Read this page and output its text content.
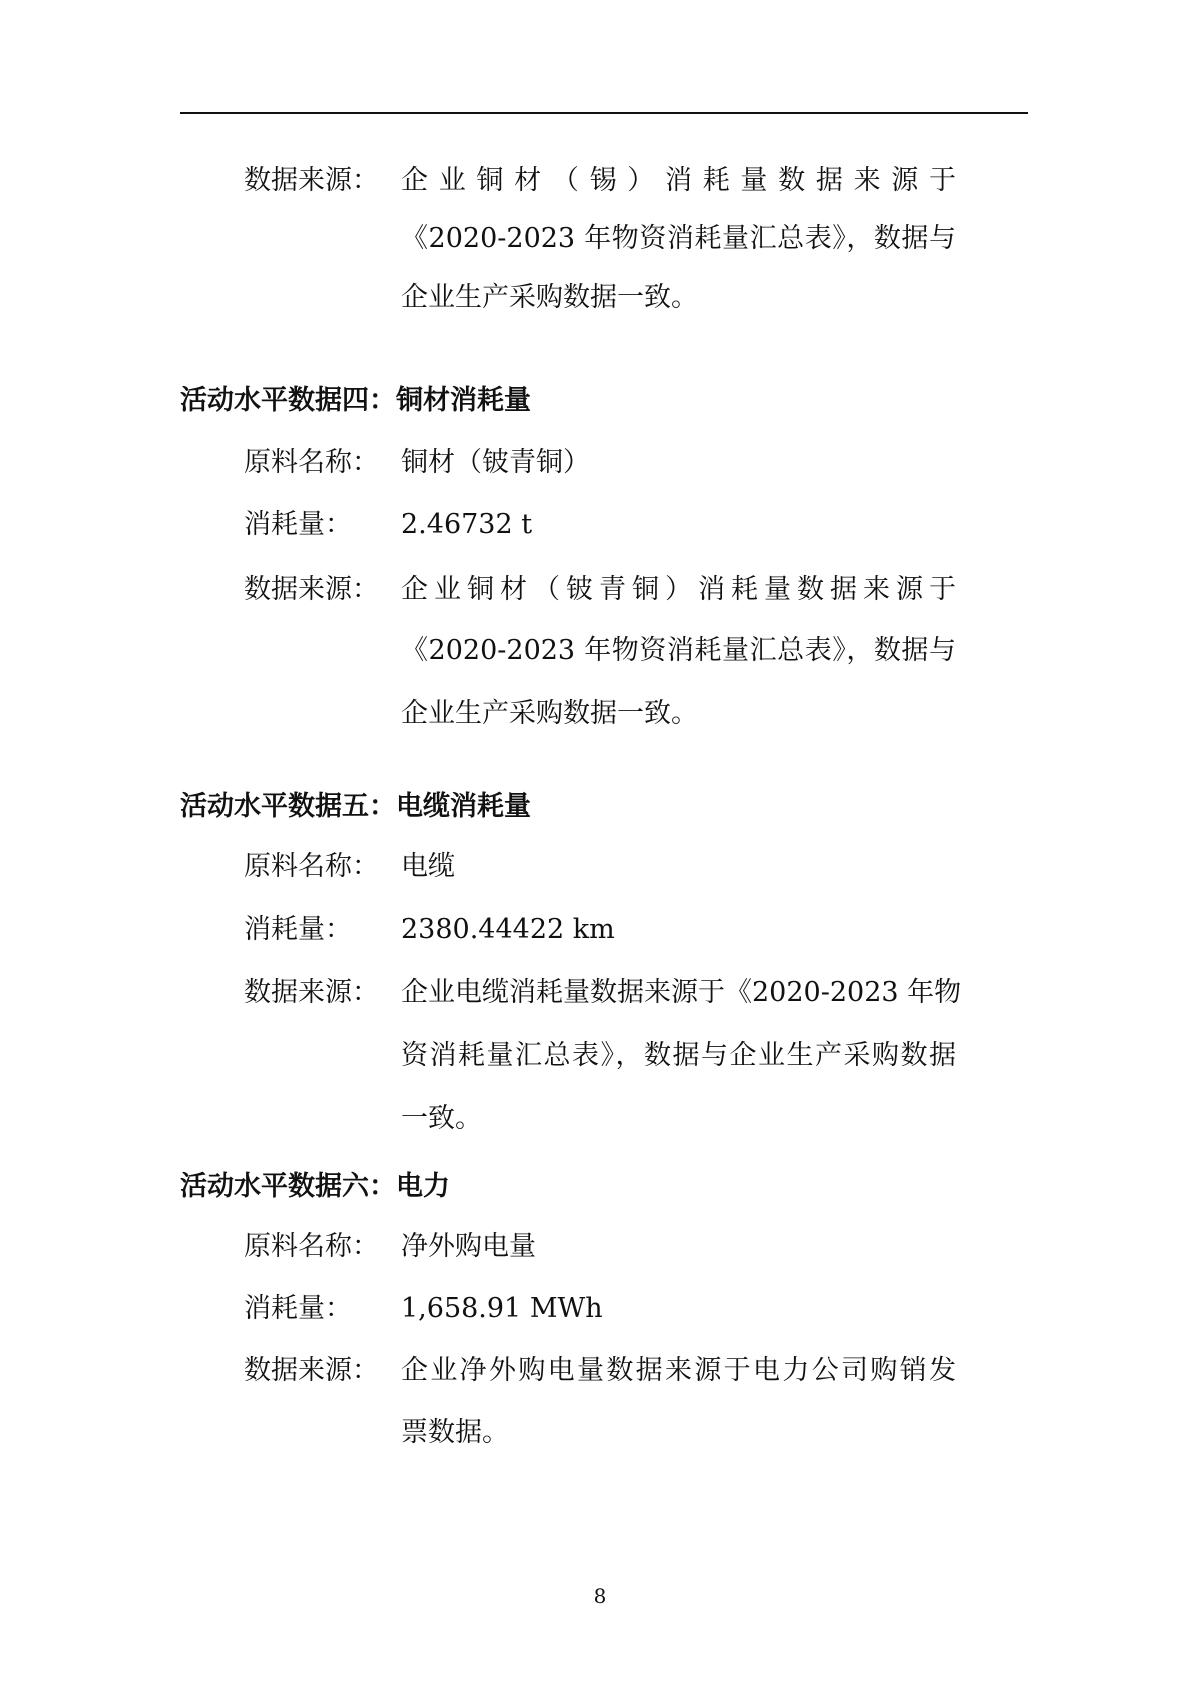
数据来源： 企业铜材（锡）消耗量数据来源于
《2020-2023 年物资消耗量汇总表》，数据与
企业生产采购数据一致。
活动水平数据四：铜材消耗量
原料名称： 铜材（铍青铜）
消耗量： 2.46732 t
数据来源： 企业铜材（铍青铜）消耗量数据来源于
《2020-2023 年物资消耗量汇总表》，数据与
企业生产采购数据一致。
活动水平数据五：电缆消耗量
原料名称： 电缆
消耗量： 2380.44422 km
数据来源： 企业电缆消耗量数据来源于《2020-2023 年物
资消耗量汇总表》，数据与企业生产采购数据
一致。
活动水平数据六：电力
原料名称： 净外购电量
消耗量： 1,658.91 MWh
数据来源： 企业净外购电量数据来源于电力公司购销发
票数据。
8
